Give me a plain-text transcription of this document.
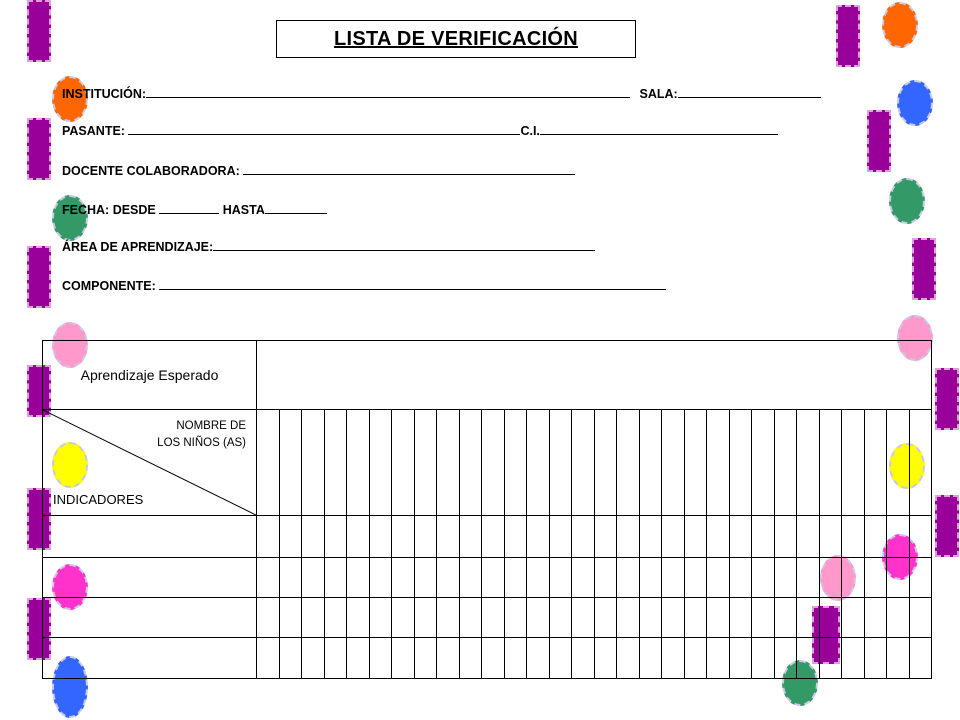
LISTA DE VERIFICACIÓN
INSTITUCIÓN:	SALA:
PASANTE:	C.I.
DOCENTE COLABORADORA:
FECHA: DESDE	HASTA
ÁREA DE APRENDIZAJE:
COMPONENTE:
Aprendizaje Esperado																														

NOMBRE DE
LOS NIÑOS (AS)
INDICADORES																														
